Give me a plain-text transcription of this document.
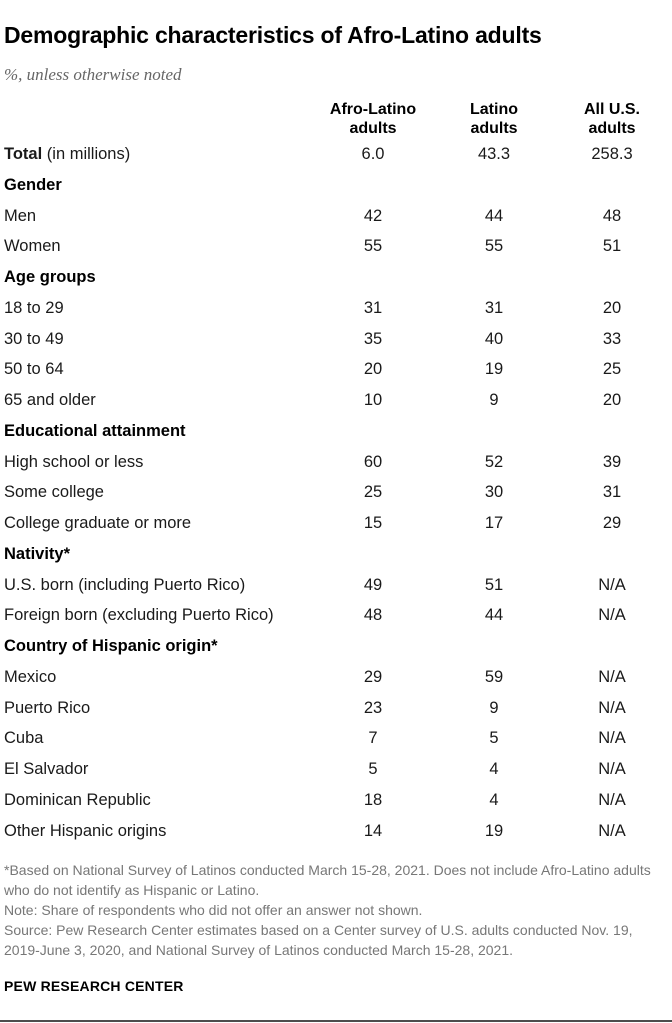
Demographic characteristics of Afro-Latino adults
%, unless otherwise noted
Afro-Latino
adults
Latino
adults
All U.S.
adults
Total (in millions)	6.0	43.3	258.3
Gender
Men	42	44	48
Women	55	55	51
Age groups
18 to 29	31	31	20
30 to 49	35	40	33
50 to 64	20	19	25
65 and older	10	9	20
Educational attainment
High school or less	60	52	39
Some college	25	30	31
College graduate or more	15	17	29
Nativity*
U.S. born (including Puerto Rico)	49	51	N/A
Foreign born (excluding Puerto Rico)	48	44	N/A
Country of Hispanic origin*
Mexico	29	59	N/A
Puerto Rico	23	9	N/A
Cuba	7	5	N/A
El Salvador	5	4	N/A
Dominican Republic	18	4	N/A
Other Hispanic origins	14	19	N/A

*Based on National Survey of Latinos conducted March 15-28, 2021. Does not include Afro-Latino adults who do not identify as Hispanic or Latino.

Note: Share of respondents who did not offer an answer not shown.

Source: Pew Research Center estimates based on a Center survey of U.S. adults conducted Nov. 19, 2019-June 3, 2020, and National Survey of Latinos conducted March 15-28, 2021.

PEW RESEARCH CENTER
